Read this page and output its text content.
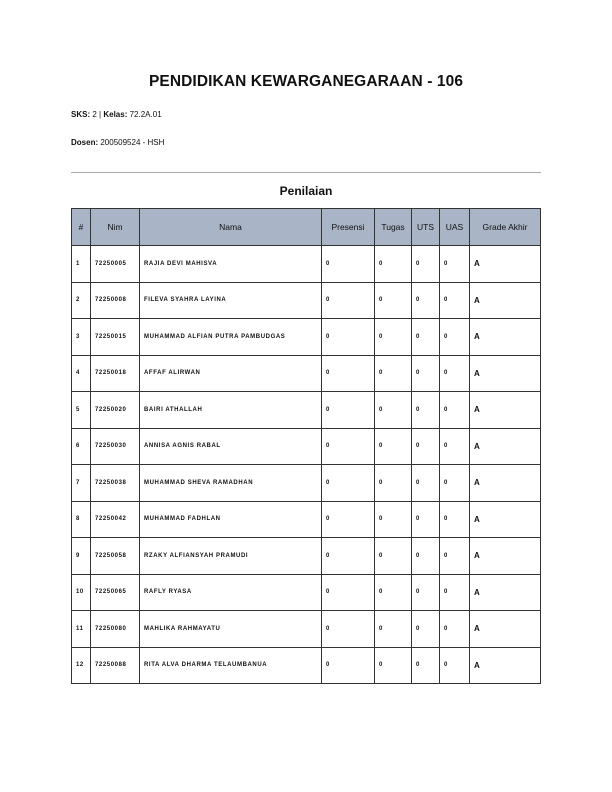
PENDIDIKAN KEWARGANEGARAAN - 106
SKS: 2 | Kelas: 72.2A.01
Dosen: 200509524 - HSH
Penilaian
#	Nim	Nama	Presensi	Tugas	UTS	UAS	Grade Akhir
1	72250005	RAJIA DEVI MAHISVA	0	0	0	0	A
2	72250008	FILEVA SYAHRA LAYINA	0	0	0	0	A
3	72250015	MUHAMMAD ALFIAN PUTRA PAMBUDGAS	0	0	0	0	A
4	72250018	AFFAF ALIRWAN	0	0	0	0	A
5	72250020	BAIRI ATHALLAH	0	0	0	0	A
6	72250030	ANNISA AGNIS RABAL	0	0	0	0	A
7	72250038	MUHAMMAD SHEVA RAMADHAN	0	0	0	0	A
8	72250042	MUHAMMAD FADHLAN	0	0	0	0	A
9	72250058	RZAKY ALFIANSYAH PRAMUDI	0	0	0	0	A
10	72250065	RAFLY RYASA	0	0	0	0	A
11	72250080	MAHLIKA RAHMAYATU	0	0	0	0	A
12	72250088	RITA ALVA DHARMA TELAUMBANUA	0	0	0	0	A
